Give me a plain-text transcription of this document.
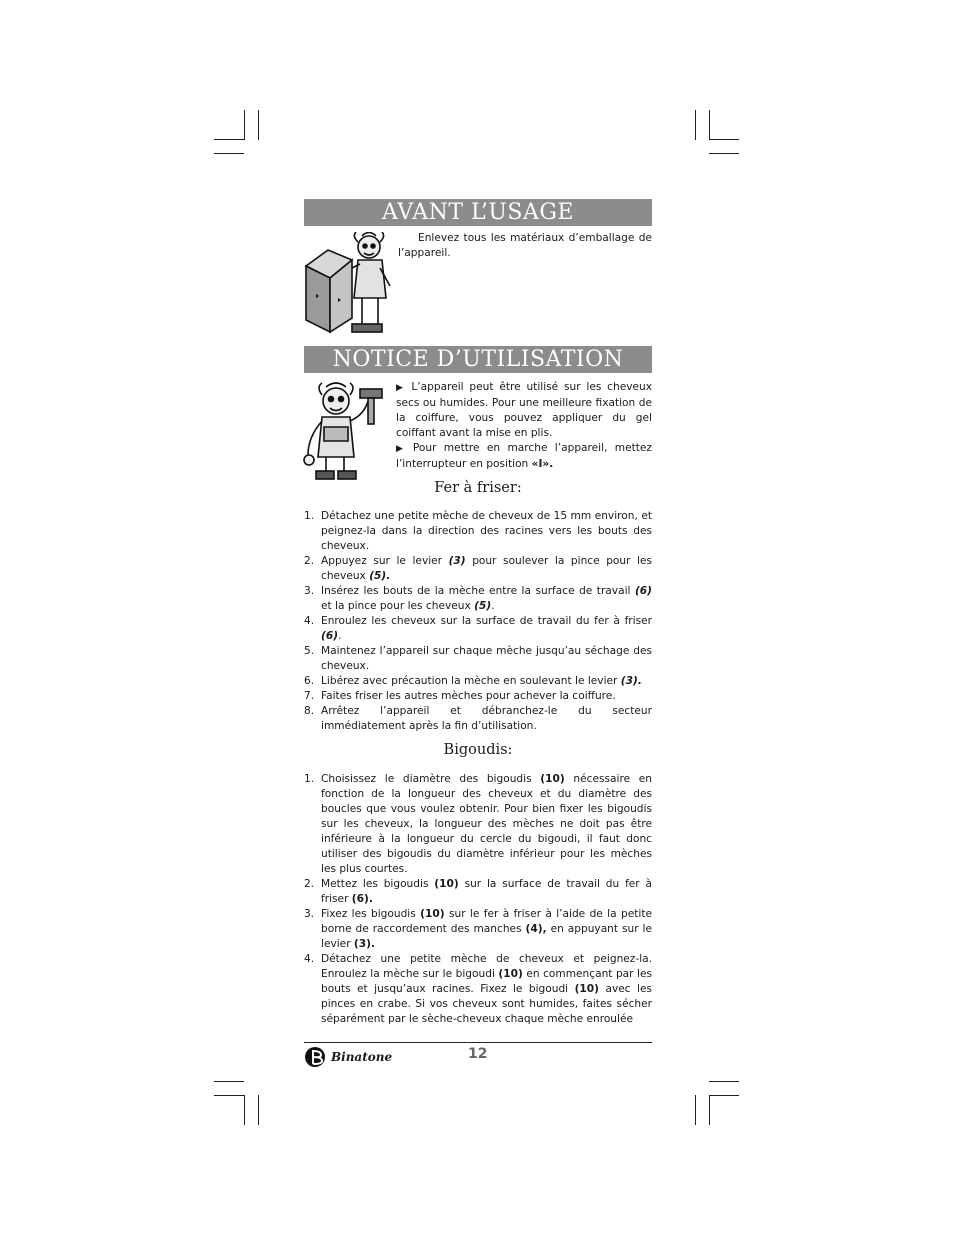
AVANT L’USAGE

Enlevez tous les matériaux d’emballage de l’appareil.

NOTICE D’UTILISATION

▶ L’appareil peut être utilisé sur les cheveux secs ou humides. Pour une meilleure fixation de la coiffure, vous pouvez appliquer du gel coiffant avant la mise en plis.

▶ Pour mettre en marche l’appareil, mettez l’interrupteur en position «I».

Fer à friser:
1. Détachez une petite mèche de cheveux de 15 mm environ, et peignez-la dans la direction des racines vers les bouts des cheveux.
2. Appuyez sur le levier (3) pour soulever la pince pour les cheveux (5).
3. Insérez les bouts de la mèche entre la surface de travail (6) et la pince pour les cheveux (5).
4. Enroulez les cheveux sur la surface de travail du fer à friser (6).
5. Maintenez l’appareil sur chaque mèche jusqu’au séchage des cheveux.
6. Libérez avec précaution la mèche en soulevant le levier (3).
7. Faites friser les autres mèches pour achever la coiffure.
8. Arrêtez l’appareil et débranchez-le du secteur immédiatement après la fin d’utilisation.
Bigoudis:
1. Choisissez le diamètre des bigoudis (10) nécessaire en fonction de la longueur des cheveux et du diamètre des boucles que vous voulez obtenir. Pour bien fixer les bigoudis sur les cheveux, la longueur des mèches ne doit pas être inférieure à la longueur du cercle du bigoudi, il faut donc utiliser des bigoudis du diamètre inférieur pour les mèches les plus courtes.
2. Mettez les bigoudis (10) sur la surface de travail du fer à friser (6).
3. Fixez les bigoudis (10) sur le fer à friser à l’aide de la petite borne de raccordement des manches (4), en appuyant sur le levier (3).
4. Détachez une petite mèche de cheveux et peignez-la. Enroulez la mèche sur le bigoudi (10) en commençant par les bouts et jusqu’aux racines. Fixez le bigoudi (10) avec les pinces en crabe. Si vos cheveux sont humides, faites sécher séparément par le sèche-cheveux chaque mèche enroulée
Binatone	12
